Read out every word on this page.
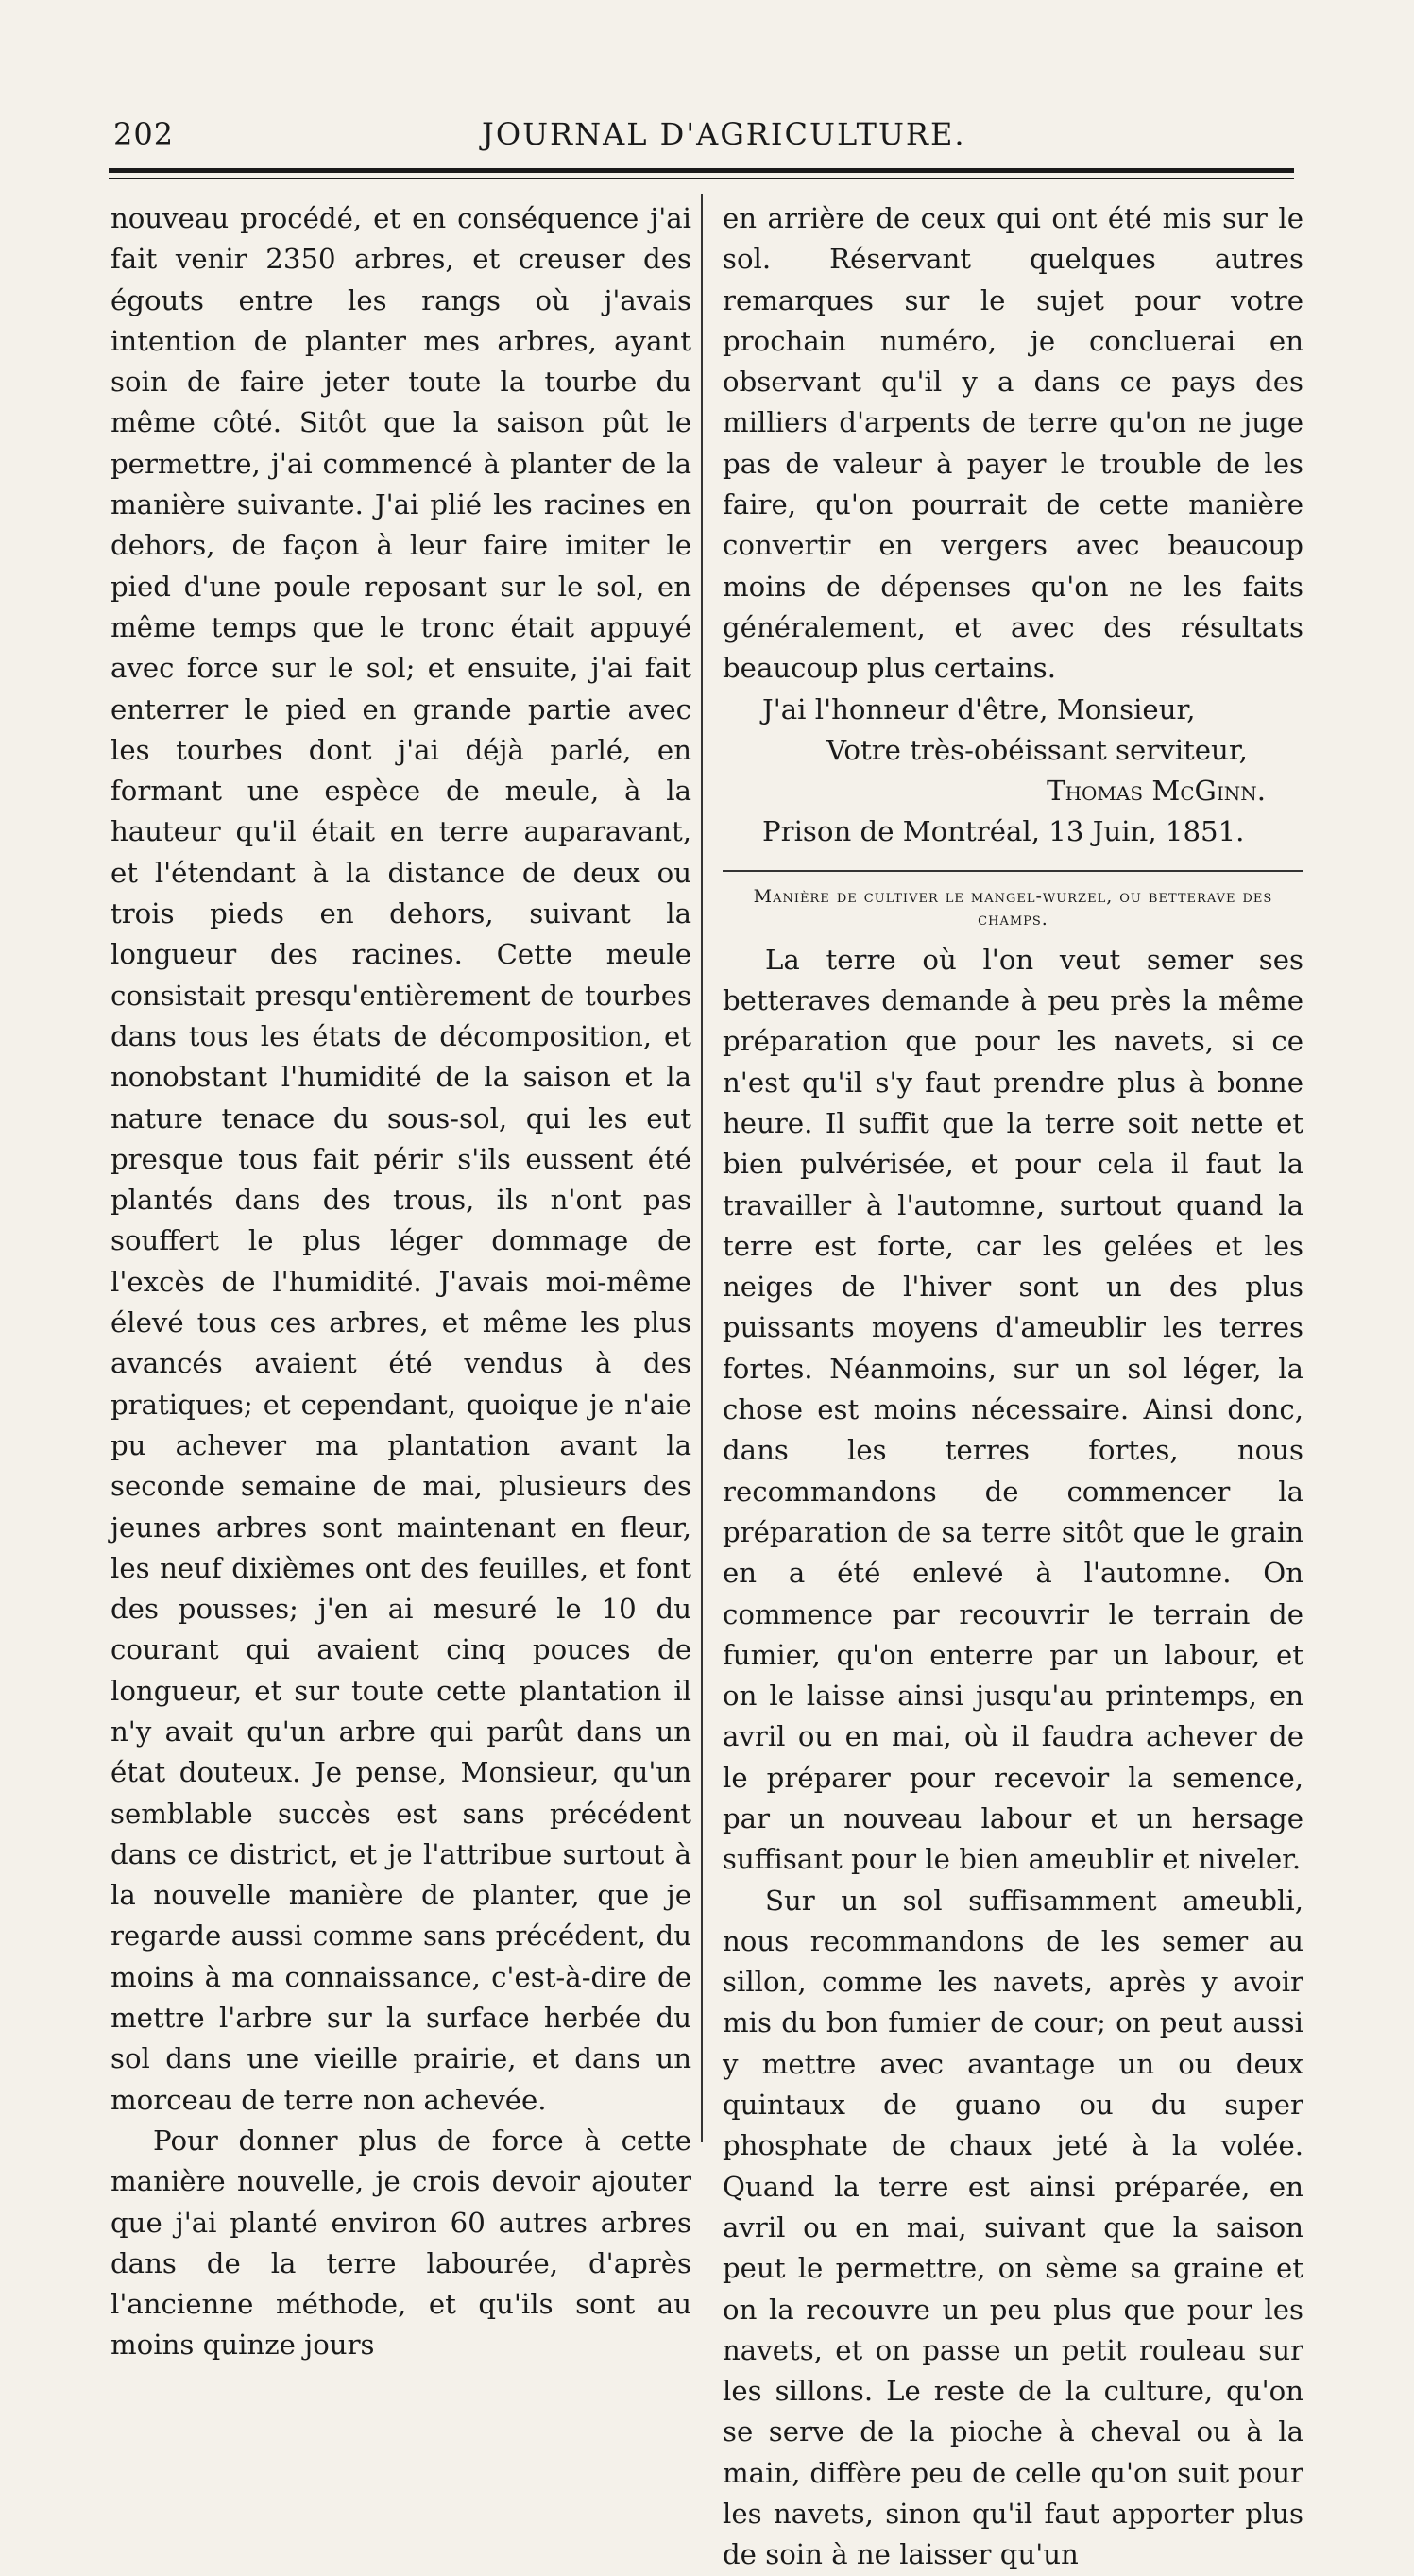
202	JOURNAL D'AGRICULTURE.

nouveau procédé, et en conséquence j'ai fait venir 2350 arbres, et creuser des égouts entre les rangs où j'avais intention de planter mes arbres, ayant soin de faire jeter toute la tourbe du même côté. Sitôt que la saison pût le permettre, j'ai commencé à planter de la manière suivante. J'ai plié les racines en dehors, de façon à leur faire imiter le pied d'une poule reposant sur le sol, en même temps que le tronc était appuyé avec force sur le sol; et ensuite, j'ai fait enterrer le pied en grande partie avec les tourbes dont j'ai déjà parlé, en formant une espèce de meule, à la hauteur qu'il était en terre auparavant, et l'étendant à la distance de deux ou trois pieds en dehors, suivant la longueur des racines. Cette meule consistait presqu'entièrement de tourbes dans tous les états de décomposition, et nonobstant l'humidité de la saison et la nature tenace du sous-sol, qui les eut presque tous fait périr s'ils eussent été plantés dans des trous, ils n'ont pas souffert le plus léger dommage de l'excès de l'humidité. J'avais moi-même élevé tous ces arbres, et même les plus avancés avaient été vendus à des pratiques; et cependant, quoique je n'aie pu achever ma plantation avant la seconde semaine de mai, plusieurs des jeunes arbres sont maintenant en fleur, les neuf dixièmes ont des feuilles, et font des pousses; j'en ai mesuré le 10 du courant qui avaient cinq pouces de longueur, et sur toute cette plantation il n'y avait qu'un arbre qui parût dans un état douteux. Je pense, Monsieur, qu'un semblable succès est sans précédent dans ce district, et je l'attribue surtout à la nouvelle manière de planter, que je regarde aussi comme sans précédent, du moins à ma connaissance, c'est-à-dire de mettre l'arbre sur la surface herbée du sol dans une vieille prairie, et dans un morceau de terre non achevée.

Pour donner plus de force à cette manière nouvelle, je crois devoir ajouter que j'ai planté environ 60 autres arbres dans de la terre labourée, d'après l'ancienne méthode, et qu'ils sont au moins quinze jours

en arrière de ceux qui ont été mis sur le sol. Réservant quelques autres remarques sur le sujet pour votre prochain numéro, je concluerai en observant qu'il y a dans ce pays des milliers d'arpents de terre qu'on ne juge pas de valeur à payer le trouble de les faire, qu'on pourrait de cette manière convertir en vergers avec beaucoup moins de dépenses qu'on ne les faits généralement, et avec des résultats beaucoup plus certains.

J'ai l'honneur d'être, Monsieur,

Votre très-obéissant serviteur,

Thomas McGinn.

Prison de Montréal, 13 Juin, 1851.

Manière de cultiver le mangel-wurzel, ou betterave des champs.

La terre où l'on veut semer ses betteraves demande à peu près la même préparation que pour les navets, si ce n'est qu'il s'y faut prendre plus à bonne heure. Il suffit que la terre soit nette et bien pulvérisée, et pour cela il faut la travailler à l'automne, surtout quand la terre est forte, car les gelées et les neiges de l'hiver sont un des plus puissants moyens d'ameublir les terres fortes. Néanmoins, sur un sol léger, la chose est moins nécessaire. Ainsi donc, dans les terres fortes, nous recommandons de commencer la préparation de sa terre sitôt que le grain en a été enlevé à l'automne. On commence par recouvrir le terrain de fumier, qu'on enterre par un labour, et on le laisse ainsi jusqu'au printemps, en avril ou en mai, où il faudra achever de le préparer pour recevoir la semence, par un nouveau labour et un hersage suffisant pour le bien ameublir et niveler.

Sur un sol suffisamment ameubli, nous recommandons de les semer au sillon, comme les navets, après y avoir mis du bon fumier de cour; on peut aussi y mettre avec avantage un ou deux quintaux de guano ou du super phosphate de chaux jeté à la volée. Quand la terre est ainsi préparée, en avril ou en mai, suivant que la saison peut le permettre, on sème sa graine et on la recouvre un peu plus que pour les navets, et on passe un petit rouleau sur les sillons. Le reste de la culture, qu'on se serve de la pioche à cheval ou à la main, diffère peu de celle qu'on suit pour les navets, sinon qu'il faut apporter plus de soin à ne laisser qu'un
